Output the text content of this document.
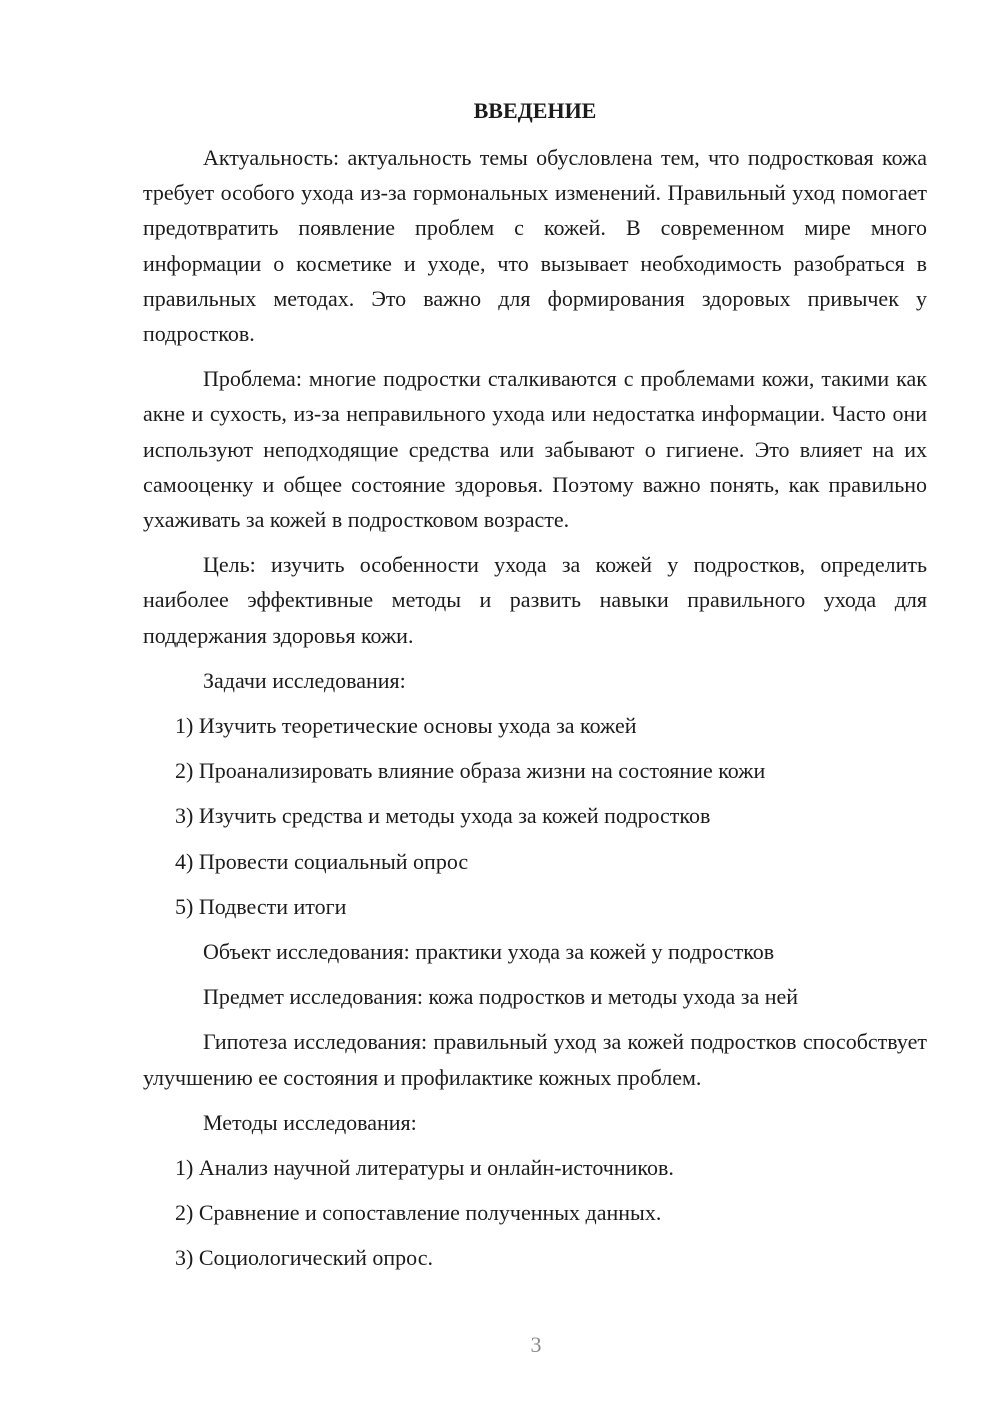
ВВЕДЕНИЕ

Актуальность: актуальность темы обусловлена тем, что подростковая кожа требует особого ухода из-за гормональных изменений. Правильный уход помогает предотвратить появление проблем с кожей. В современном мире много информации о косметике и уходе, что вызывает необходимость разобраться в правильных методах. Это важно для формирования здоровых привычек у подростков.

Проблема: многие подростки сталкиваются с проблемами кожи, такими как акне и сухость, из-за неправильного ухода или недостатка информации. Часто они используют неподходящие средства или забывают о гигиене. Это влияет на их самооценку и общее состояние здоровья. Поэтому важно понять, как правильно ухаживать за кожей в подростковом возрасте.

Цель: изучить особенности ухода за кожей у подростков, определить наиболее эффективные методы и развить навыки правильного ухода для поддержания здоровья кожи.

Задачи исследования:
1) Изучить теоретические основы ухода за кожей
2) Проанализировать влияние образа жизни на состояние кожи
3) Изучить средства и методы ухода за кожей подростков
4) Провести социальный опрос
5) Подвести итоги
Объект исследования: практики ухода за кожей у подростков
Предмет исследования: кожа подростков и методы ухода за ней

Гипотеза исследования: правильный уход за кожей подростков способствует улучшению ее состояния и профилактике кожных проблем.

Методы исследования:
1) Анализ научной литературы и онлайн-источников.
2) Сравнение и сопоставление полученных данных.
3) Социологический опрос.
3
